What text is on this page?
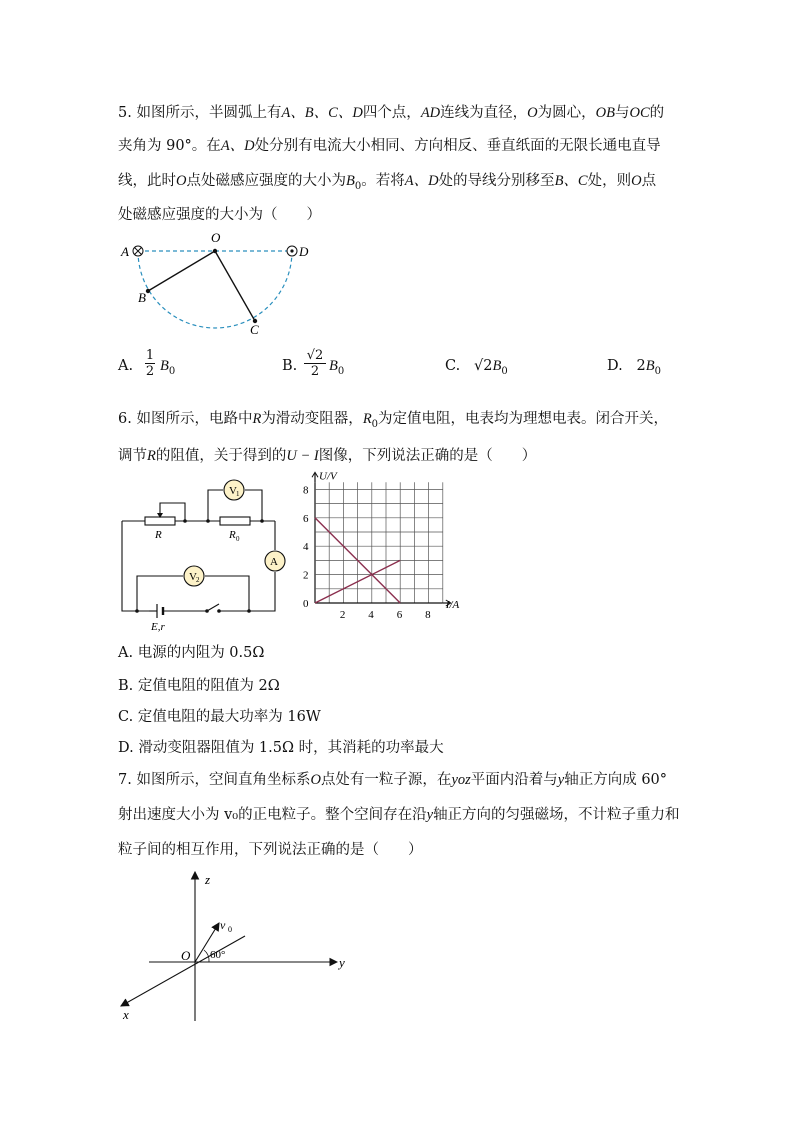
5. 如图所示，半圆弧上有A、B、C、D四个点，AD连线为直径，O为圆心，OB与OC的
夹角为 90°。在A、D处分别有电流大小相同、方向相反、垂直纸面的无限长通电直导
线，此时O点处磁感应强度的大小为$B_0$。若将A、D处的导线分别移至B、C处，则O点
处磁感应强度的大小为（　　）
A
O
D
B
C
A.
1
2 $B_0$	B.
√2
2 $B_0$	C. $√2B_0$	D. $2B_0$
6. 如图所示，电路中R为滑动变阻器，$R_0$为定值电阻，电表均为理想电表。闭合开关，
调节R的阻值，关于得到的U − I图像，下列说法正确的是（　　）
V 1
A
V 2
R	R 0
E,r
2 4 6 8
0
2
4
6
8
U/V
I/A
A. 电源的内阻为 0.5Ω
B. 定值电阻的阻值为 2Ω
C. 定值电阻的最大功率为 16W
D. 滑动变阻器阻值为 1.5Ω 时，其消耗的功率最大
7. 如图所示，空间直角坐标系O点处有一粒子源，在yoz平面内沿着与y轴正方向成 60°
射出速度大小为 v₀的正电粒子。整个空间存在沿y轴正方向的匀强磁场，不计粒子重力和
粒子间的相互作用，下列说法正确的是（　　）
z
y
x
O
v 0
60°
